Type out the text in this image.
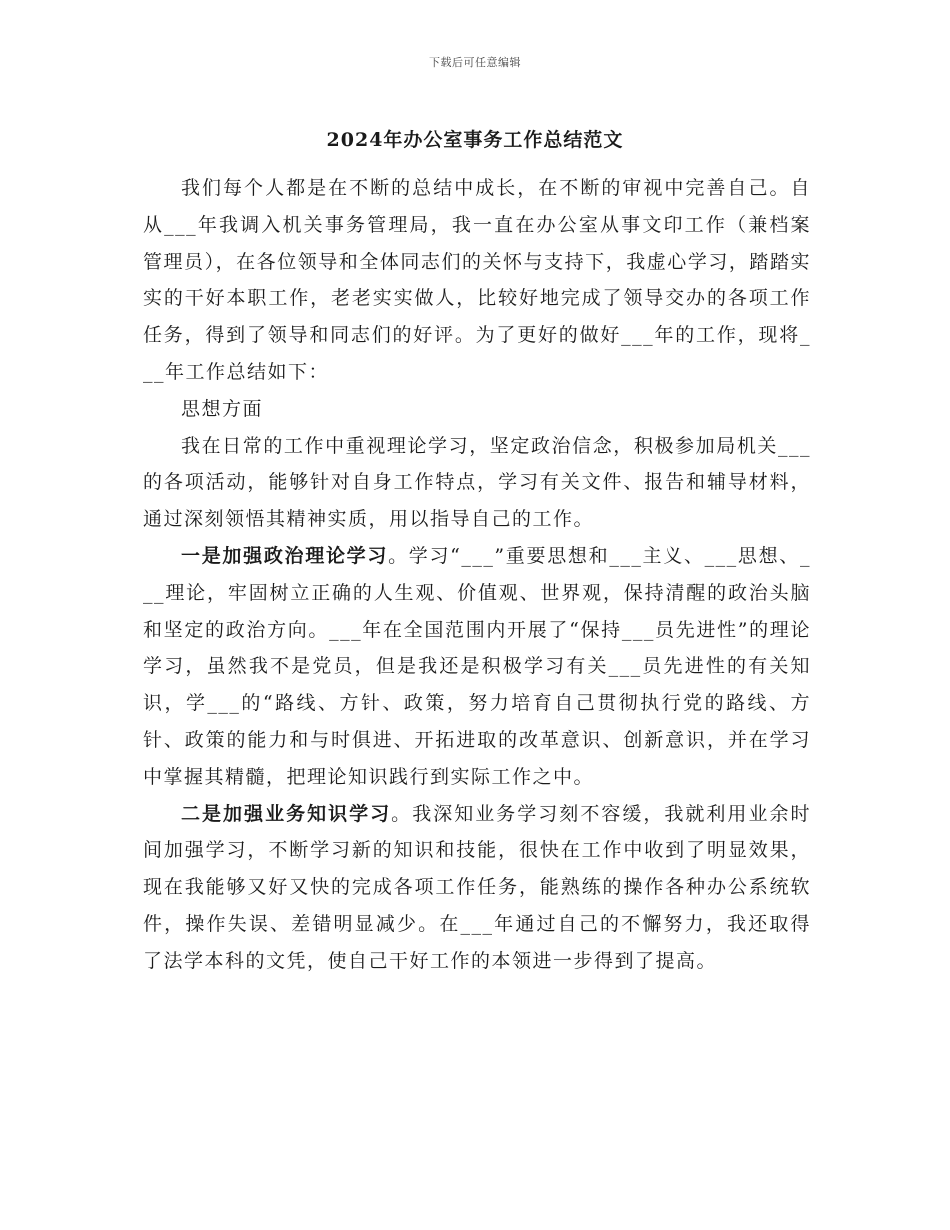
下载后可任意编辑
2024年办公室事务工作总结范文

我们每个人都是在不断的总结中成长，在不断的审视中完善自己。自从___年我调入机关事务管理局，我一直在办公室从事文印工作（兼档案管理员），在各位领导和全体同志们的关怀与支持下，我虚心学习，踏踏实实的干好本职工作，老老实实做人，比较好地完成了领导交办的各项工作任务，得到了领导和同志们的好评。为了更好的做好___年的工作，现将___年工作总结如下：

思想方面

我在日常的工作中重视理论学习，坚定政治信念，积极参加局机关___的各项活动，能够针对自身工作特点，学习有关文件、报告和辅导材料，通过深刻领悟其精神实质，用以指导自己的工作。

一是加强政治理论学习。学习“___”重要思想和___主义、___思想、___理论，牢固树立正确的人生观、价值观、世界观，保持清醒的政治头脑和坚定的政治方向。___年在全国范围内开展了“保持___员先进性”的理论学习，虽然我不是党员，但是我还是积极学习有关___员先进性的有关知识，学___的“路线、方针、政策，努力培育自己贯彻执行党的路线、方针、政策的能力和与时俱进、开拓进取的改革意识、创新意识，并在学习中掌握其精髓，把理论知识践行到实际工作之中。

二是加强业务知识学习。我深知业务学习刻不容缓，我就利用业余时间加强学习，不断学习新的知识和技能，很快在工作中收到了明显效果，现在我能够又好又快的完成各项工作任务，能熟练的操作各种办公系统软件，操作失误、差错明显减少。在___年通过自己的不懈努力，我还取得了法学本科的文凭，使自己干好工作的本领进一步得到了提高。
